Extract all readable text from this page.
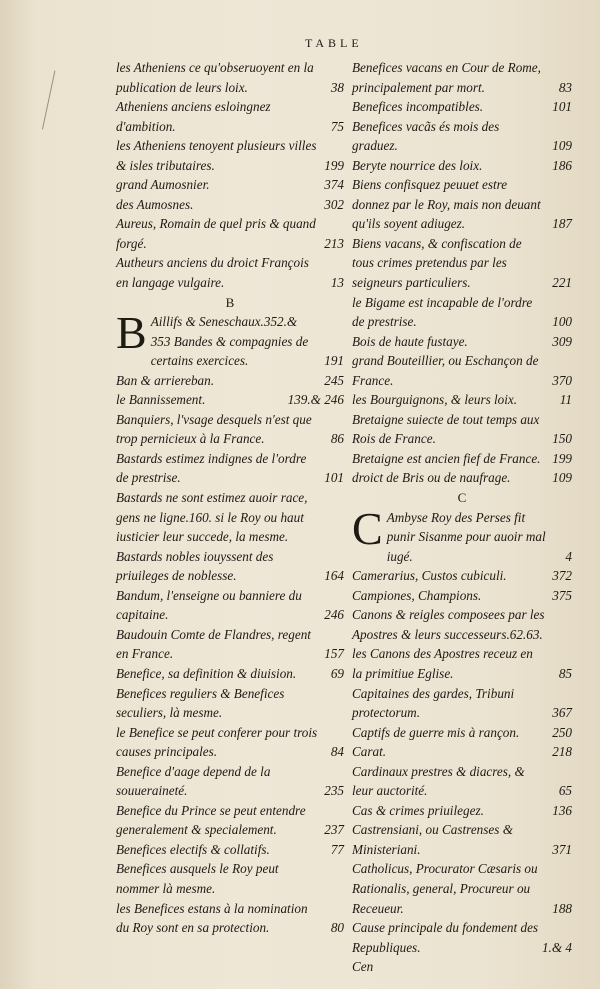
TABLE
les Atheniens ce qu'obseruoyent en la publication de leurs loix.	38
Atheniens anciens esloingnez d'ambition.	75
les Atheniens tenoyent plusieurs villes & isles tributaires.	199
grand Aumosnier.	374
des Aumosnes.	302
Aureus, Romain de quel pris & quand forgé.	213
Autheurs anciens du droict François en langage vulgaire.	13
B
B Aillifs & Seneschaux.352.& 353 Bandes & compagnies de certains exercices.	191
Ban & arriereban.	245
le Bannissement.	139.& 246
Banquiers, l'vsage desquels n'est que trop pernicieux à la France.	86
Bastards estimez indignes de l'ordre de prestrise.	101
Bastards ne sont estimez auoir race, gens ne ligne.160. si le Roy ou haut iusticier leur succede, la mesme.
Bastards nobles iouyssent des priuileges de noblesse.	164
Bandum, l'enseigne ou banniere du capitaine.	246
Baudouin Comte de Flandres, regent en France.	157
Benefice, sa definition & diuision.	69
Benefices reguliers & Benefices seculiers, là mesme.
le Benefice se peut conferer pour trois causes principales.	84
Benefice d'aage depend de la souueraineté.	235
Benefice du Prince se peut entendre generalement & specialement.	237
Benefices electifs & collatifs.	77
Benefices ausquels le Roy peut nommer là mesme.
les Benefices estans à la nomination du Roy sont en sa protection.	80
Benefices vacans en Cour de Rome, principalement par mort.	83
Benefices incompatibles.	101
Benefices vacãs és mois des graduez.	109
Beryte nourrice des loix.	186
Biens confisquez peuuet estre donnez par le Roy, mais non deuant qu'ils soyent adiugez.	187
Biens vacans, & confiscation de tous crimes pretendus par les seigneurs particuliers.	221
le Bigame est incapable de l'ordre de prestrise.	100
Bois de haute fustaye.	309
grand Bouteillier, ou Eschançon de France.	370
les Bourguignons, & leurs loix.	11
Bretaigne suiecte de tout temps aux Rois de France.	150
Bretaigne est ancien fief de France. 199
droict de Bris ou de naufrage.	109
C
C Ambyse Roy des Perses fit punir Sisanme pour auoir mal iugé.	4
Camerarius, Custos cubiculi.	372
Campiones, Champions.	375
Canons & reigles composees par les Apostres & leurs successeurs.62.63.
les Canons des Apostres receuz en la primitiue Eglise.	85
Capitaines des gardes, Tribuni protectorum.	367
Captifs de guerre mis à rançon.	250
Carat.	218
Cardinaux prestres & diacres, & leur auctorité.	65
Cas & crimes priuilegez.	136
Castrensiani, ou Castrenses & Ministeriani.	371
Catholicus, Procurator Cæsaris ou Rationalis, general, Procureur ou Receueur.	188
Cause principale du fondement des Republiques.	1.& 4
Cen
